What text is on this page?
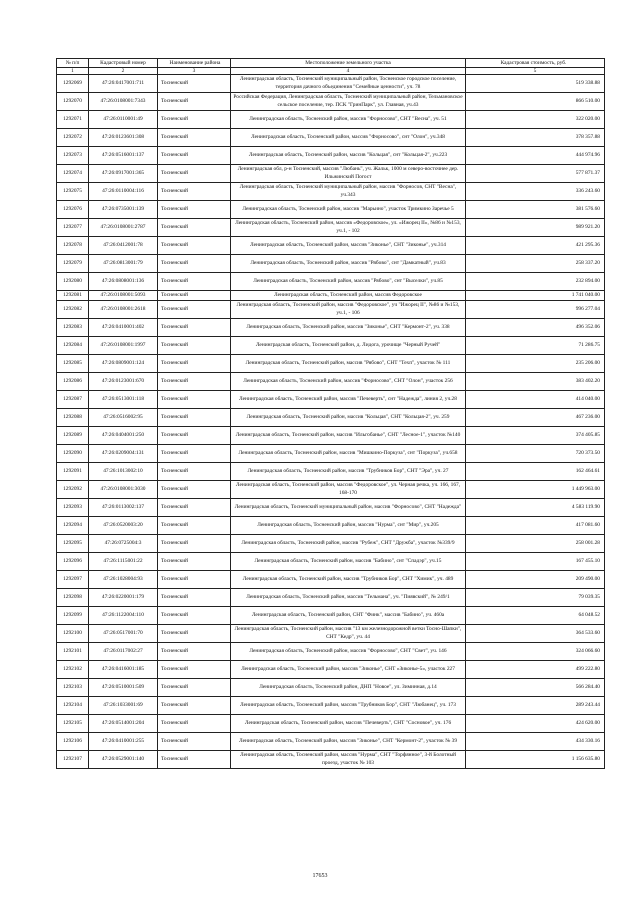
№ п/п	Кадастровый номер	Наименование района	Местоположение земельного участка	Кадастровая стоимость, руб.
1	2	3	4	5
1292069	47:26:0417001:711	Тосненский	Ленинградская область, Тосненский муниципальный район, Тосненское городское поселение, территория дачного объединения "Семейные ценности", уч. 78	519 338.88
1292070	47:26:0108001:7343	Тосненский	Российская Федерация, Ленинградская область, Тосненский муниципальный район, Тельмановское сельское поселение, тер. ПСК "ГринПарк", ул. Главная, уч.43	866 510.00
1292071	47:26:0110001:49	Тосненский	Ленинградская область, Тосненский район, массив "Форносово", СНТ "Весна", уч. 51	322 020.00
1292072	47:26:0123601:308	Тосненский	Ленинградская область, Тосненский район, массив "Форносово", снт "Олон", уч.348	378 357.88
1292073	47:26:0516001:137	Тосненский	Ленинградская область, Тосненский район, массив "Кольцая", снт "Кольцая-2", уч.223	444 974.96
1292074	47:26:0917001:365	Тосненский	Ленинградская обл, р-н Тосненский, массив "Любань", уч. Жальк, 1000 м северо-восточнее дер. Ильжинский Погост	577 871.37
1292075	47:26:0110004:116	Тосненский	Ленинградская область, Тосненский муниципальный район, массив "Форносов, СНТ "Весна", уч.343	336 243.60
1292076	47:26:0735001:139	Тосненский	Ленинградская область, Тосненский район, массив "Марьино", участок Тримкино Заречье 5	381 576.60
1292077	47:26:0108001:2787	Тосненский	Ленинградская область, Тосненский район, массив «Федоровское», ул. «Ижорец II», №86 и №153, уч.1, - 102	989 921.20
1292078	47:26:0412001:78	Тосненский	Ленинградская область, Тосненский район, массив "Зиконье", СНТ "Зиконье", уч.314	421 295.36
1292079	47:26:0813001:79	Тосненский	Ленинградская область, Тосненский район, массив "Рябово", снт "Дамкатный", уч.83	258 337.20
1292080	47:26:0808001:136	Тосненский	Ленинградская область, Тосненский район, массив "Рябово", снт "Выселки", уч.85	232 894.00
1292081	47:26:0108001:5093	Тосненский	Ленинградская область, Тосненский район, массив Федоровское	1 741 040.00
1292082	47:26:0108001:2618	Тосненский	Ленинградская область, Тосненский район, массив "Федоровское", уч "Ижорец II", №86 и №153, уч.1, - 106	996 277.04
1292083	47:26:0410001:402	Тосненский	Ленинградская область, Тосненский район, массив "Зиконье", СНТ "Кермонт-2", уч. 338	496 352.06
1292084	47:26:0108001:1997	Тосненский	Ленинградская область, Тосненский район, д. Лидога, урочище "Черный Ручей"	71 286.75
1292085	47:26:0809001:124	Тосненский	Ленинградская область, Тосненский район, массив "Рябово", СНТ "Техп", участок № 111	235 206.00
1292086	47:26:0123001:670	Тосненский	Ленинградская область, Тосненский район, массив "Форносово", СНТ "Олон", участок 256	383 402.20
1292087	47:26:0513001:118	Тосненский	Ленинградская область, Тосненский район, массив "Печеверть", снт "Надежда", линия 2, уч.28	414 040.00
1292088	47:26:0516002:95	Тосненский	Ленинградская область, Тосненский район, массив "Кольцая", СНТ "Кольцая-2", уч. 259	467 236.00
1292089	47:26:0404001:250	Тосненский	Ленинградская область, Тосненский район, массив "Ильгобанье", СНТ "Лесное-1", участок №140	374 405.85
1292090	47:26:0209004:131	Тосненский	Ленинградская область, Тосненский район, массив "Мишкино-Поркуза", снт "Поркуза", уч.658	720 373.50
1292091	47:26:1013002:10	Тосненский	Ленинградская область, Тосненский район, массив "Трубников Бор", СНТ "Эра", уч. 27	162 464.61
1292092	47:26:0108001:3030	Тосненский	Ленинградская область, Тосненский район, массив "Федоровское", ул. Черная речка, уч. 166, 167, 168-170	1 449 963.00
1292093	47:26:0113002:137	Тосненский	Ленинградская область, Тосненский муниципальный район, массив "Форносово", СНТ "Надежда"	4 583 119.90
1292094	47:26:0520003:20	Тосненский	Ленинградская область, Тосненский район, массив "Нурма", снт "Мир", уч.205	417 081.60
1292095	47:26:0725004:3	Тосненский	Ленинградская область, Тосненский район, массив "Рубеж", СНТ "Дружба", участок №339/9	258 001.28
1292096	47:26:1115001:22	Тосненский	Ленинградская область, Тосненский район, массив "Бабино", снт "Спадэр", уч.15	167 455.10
1292097	47:26:1028004:93	Тосненский	Ленинградская область, Тосненский район, массив "Трубников Бор", СНТ "Химик", уч. 489	209 490.00
1292098	47:26:0220001:179	Тосненский	Ленинградская область, Тосненский район, массив "Тельмана", уч. "Пиявский", № 249/1	79 039.35
1292099	47:26:1122004:110	Тосненский	Ленинградская область, Тосненский район, СНТ "Финк", массив "Бабино", уч. 460а	64 048.52
1292100	47:26:0517001:70	Тосненский	Ленинградская область, Тосненский район, массив "13 км железнодорожной ветки Тосно-Шапки", СНТ "Кедр", уч. 44	364 533.60
1292101	47:26:0117002:27	Тосненский	Ленинградская область, Тосненский район, массив "Форносово", СНТ "Свет", уч. 146	324 066.60
1292102	47:26:0416001:185	Тосненский	Ленинградская область, Тосненский район, массив "Зиконье", СНТ «Зиконье-5», участок 227	499 222.80
1292103	47:26:0510001:509	Тосненский	Ленинградская область, Тосненский район, ДНП "Новое", ул. Зиминная, д.14	566 284.40
1292104	47:26:1033001:69	Тосненский	Ленинградская область, Тосненский район, массив "Трубников Бор", СНТ "Любанец", уч. 173	289 243.44
1292105	47:26:0514001:204	Тосненский	Ленинградская область, Тосненский район, массив "Печеверть", СНТ "Сосновое", уч. 176	424 620.00
1292106	47:26:0410001:255	Тосненский	Ленинградская область, Тосненский район, массив "Зиконье", СНТ "Кермонт-2", участок № 39	434 330.16
1292107	47:26:0529001:140	Тосненский	Ленинградская область, Тосненский район, массив "Нурма", СНТ "Торфянное", 3-й Болотный проезд, участок № 103	1 156 635.80
17653
